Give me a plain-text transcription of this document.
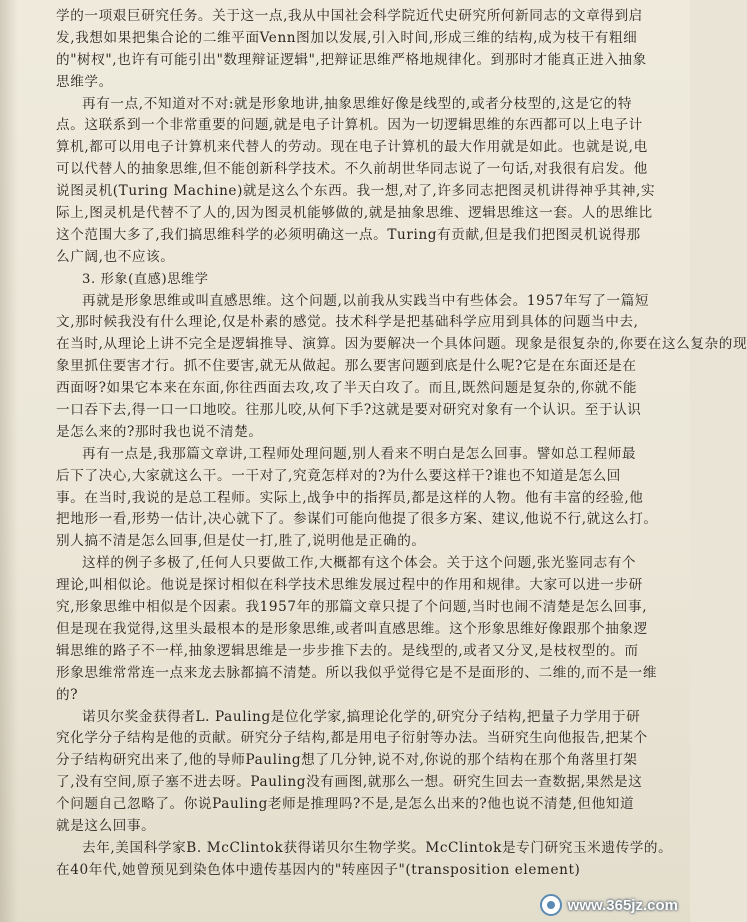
学的一项艰巨研究任务。关于这一点,我从中国社会科学院近代史研究所何新同志的文章得到启
发,我想如果把集合论的二维平面Venn图加以发展,引入时间,形成三维的结构,成为枝干有粗细
的"树杈",也许有可能引出"数理辩证逻辑",把辩证思维严格地规律化。到那时才能真正进入抽象
思维学。
再有一点,不知道对不对:就是形象地讲,抽象思维好像是线型的,或者分枝型的,这是它的特
点。这联系到一个非常重要的问题,就是电子计算机。因为一切逻辑思维的东西都可以上电子计
算机,都可以用电子计算机来代替人的劳动。现在电子计算机的最大作用就是如此。也就是说,电
可以代替人的抽象思维,但不能创新科学技术。不久前胡世华同志说了一句话,对我很有启发。他
说图灵机(Turing Machine)就是这么个东西。我一想,对了,许多同志把图灵机讲得神乎其神,实
际上,图灵机是代替不了人的,因为图灵机能够做的,就是抽象思维、逻辑思维这一套。人的思维比
这个范围大多了,我们搞思维科学的必须明确这一点。Turing有贡献,但是我们把图灵机说得那
么广阔,也不应该。
3. 形象(直感)思维学
再就是形象思维或叫直感思维。这个问题,以前我从实践当中有些体会。1957年写了一篇短
文,那时候我没有什么理论,仅是朴素的感觉。技术科学是把基础科学应用到具体的问题当中去,
在当时,从理论上讲不完全是逻辑推导、演算。因为要解决一个具体问题。现象是很复杂的,你要在这么复杂的现
象里抓住要害才行。抓不住要害,就无从做起。那么要害问题到底是什么呢?它是在东面还是在
西面呀?如果它本来在东面,你往西面去攻,攻了半天白攻了。而且,既然问题是复杂的,你就不能
一口吞下去,得一口一口地咬。往那儿咬,从何下手?这就是要对研究对象有一个认识。至于认识
是怎么来的?那时我也说不清楚。
再有一点是,我那篇文章讲,工程师处理问题,别人看来不明白是怎么回事。譬如总工程师最
后下了决心,大家就这么干。一干对了,究竟怎样对的?为什么要这样干?谁也不知道是怎么回
事。在当时,我说的是总工程师。实际上,战争中的指挥员,都是这样的人物。他有丰富的经验,他
把地形一看,形势一估计,决心就下了。参谋们可能向他提了很多方案、建议,他说不行,就这么打。
别人搞不清是怎么回事,但是仗一打,胜了,说明他是正确的。
这样的例子多极了,任何人只要做工作,大概都有这个体会。关于这个问题,张光鉴同志有个
理论,叫相似论。他说是探讨相似在科学技术思维发展过程中的作用和规律。大家可以进一步研
究,形象思维中相似是个因素。我1957年的那篇文章只提了个问题,当时也闹不清楚是怎么回事,
但是现在我觉得,这里头最根本的是形象思维,或者叫直感思维。这个形象思维好像跟那个抽象逻
辑思维的路子不一样,抽象逻辑思维是一步步推下去的。是线型的,或者又分叉,是枝杈型的。而
形象思维常常连一点来龙去脉都搞不清楚。所以我似乎觉得它是不是面形的、二维的,而不是一维
的?
诺贝尔奖金获得者L. Pauling是位化学家,搞理论化学的,研究分子结构,把量子力学用于研
究化学分子结构是他的贡献。研究分子结构,都是用电子衍射等办法。当研究生向他报告,把某个
分子结构研究出来了,他的导师Pauling想了几分钟,说不对,你说的那个结构在那个角落里打架
了,没有空间,原子塞不进去呀。Pauling没有画图,就那么一想。研究生回去一查数据,果然是这
个问题自己忽略了。你说Pauling老师是推理吗?不是,是怎么出来的?他也说不清楚,但他知道
就是这么回事。
去年,美国科学家B. McClintok获得诺贝尔生物学奖。McClintok是专门研究玉米遗传学的。
在40年代,她曾预见到染色体中遗传基因内的"转座因子"(transposition element)
www.365jz.com
